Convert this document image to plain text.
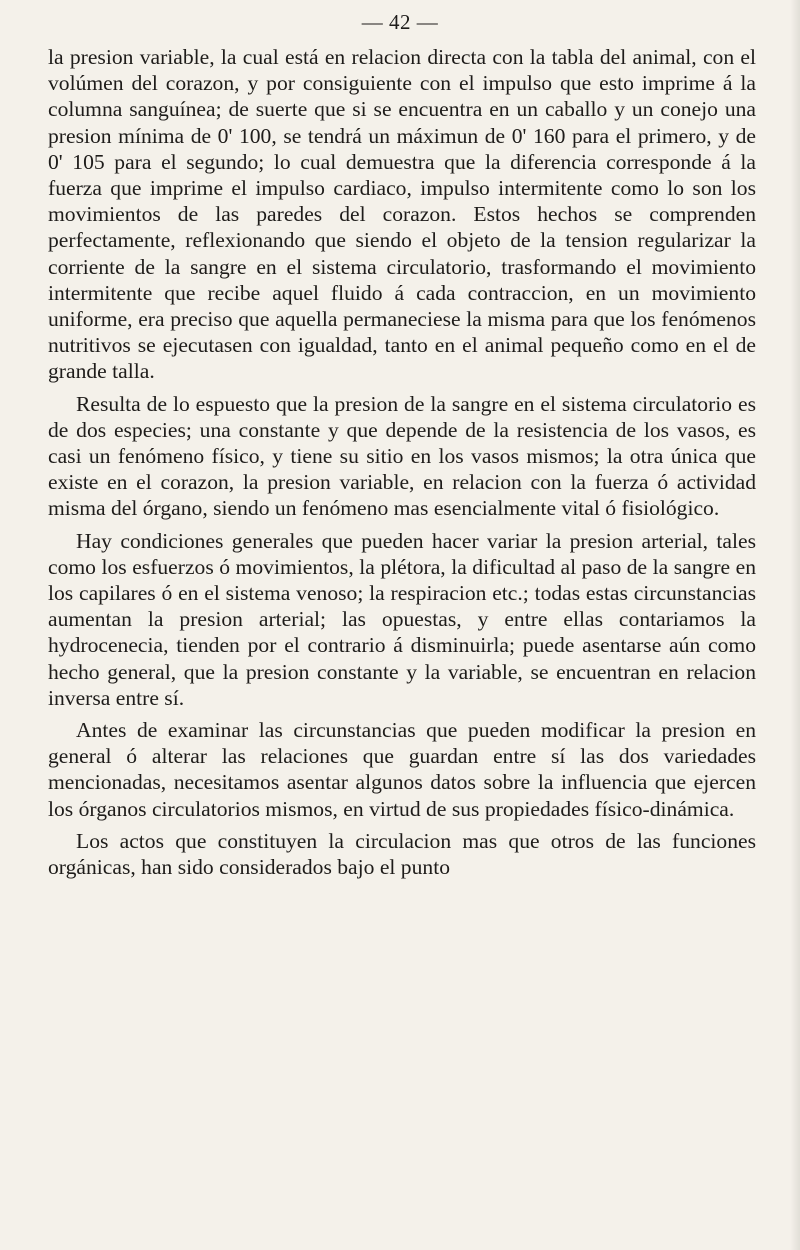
— 42 —

la presion variable, la cual está en relacion directa con la tabla del animal, con el volúmen del corazon, y por consiguiente con el impulso que esto imprime á la columna sanguínea; de suerte que si se encuentra en un caballo y un conejo una presion mínima de 0' 100, se tendrá un máximun de 0' 160 para el primero, y de 0' 105 para el segundo; lo cual demuestra que la diferencia corresponde á la fuerza que imprime el impulso cardiaco, impulso intermitente como lo son los movimientos de las paredes del corazon. Estos hechos se comprenden perfectamente, reflexionando que siendo el objeto de la tension regularizar la corriente de la sangre en el sistema circulatorio, trasformando el movimiento intermitente que recibe aquel fluido á cada contraccion, en un movimiento uniforme, era preciso que aquella permaneciese la misma para que los fenómenos nutritivos se ejecutasen con igualdad, tanto en el animal pequeño como en el de grande talla.

Resulta de lo espuesto que la presion de la sangre en el sistema circulatorio es de dos especies; una constante y que depende de la resistencia de los vasos, es casi un fenómeno físico, y tiene su sitio en los vasos mismos; la otra única que existe en el corazon, la presion variable, en relacion con la fuerza ó actividad misma del órgano, siendo un fenómeno mas esencialmente vital ó fisiológico.

Hay condiciones generales que pueden hacer variar la presion arterial, tales como los esfuerzos ó movimientos, la plétora, la dificultad al paso de la sangre en los capilares ó en el sistema venoso; la respiracion etc.; todas estas circunstancias aumentan la presion arterial; las opuestas, y entre ellas contariamos la hydrocenecia, tienden por el contrario á disminuirla; puede asentarse aún como hecho general, que la presion constante y la variable, se encuentran en relacion inversa entre sí.

Antes de examinar las circunstancias que pueden modificar la presion en general ó alterar las relaciones que guardan entre sí las dos variedades mencionadas, necesitamos asentar algunos datos sobre la influencia que ejercen los órganos circulatorios mismos, en virtud de sus propiedades físico-dinámica.

Los actos que constituyen la circulacion mas que otros de las funciones orgánicas, han sido considerados bajo el punto
